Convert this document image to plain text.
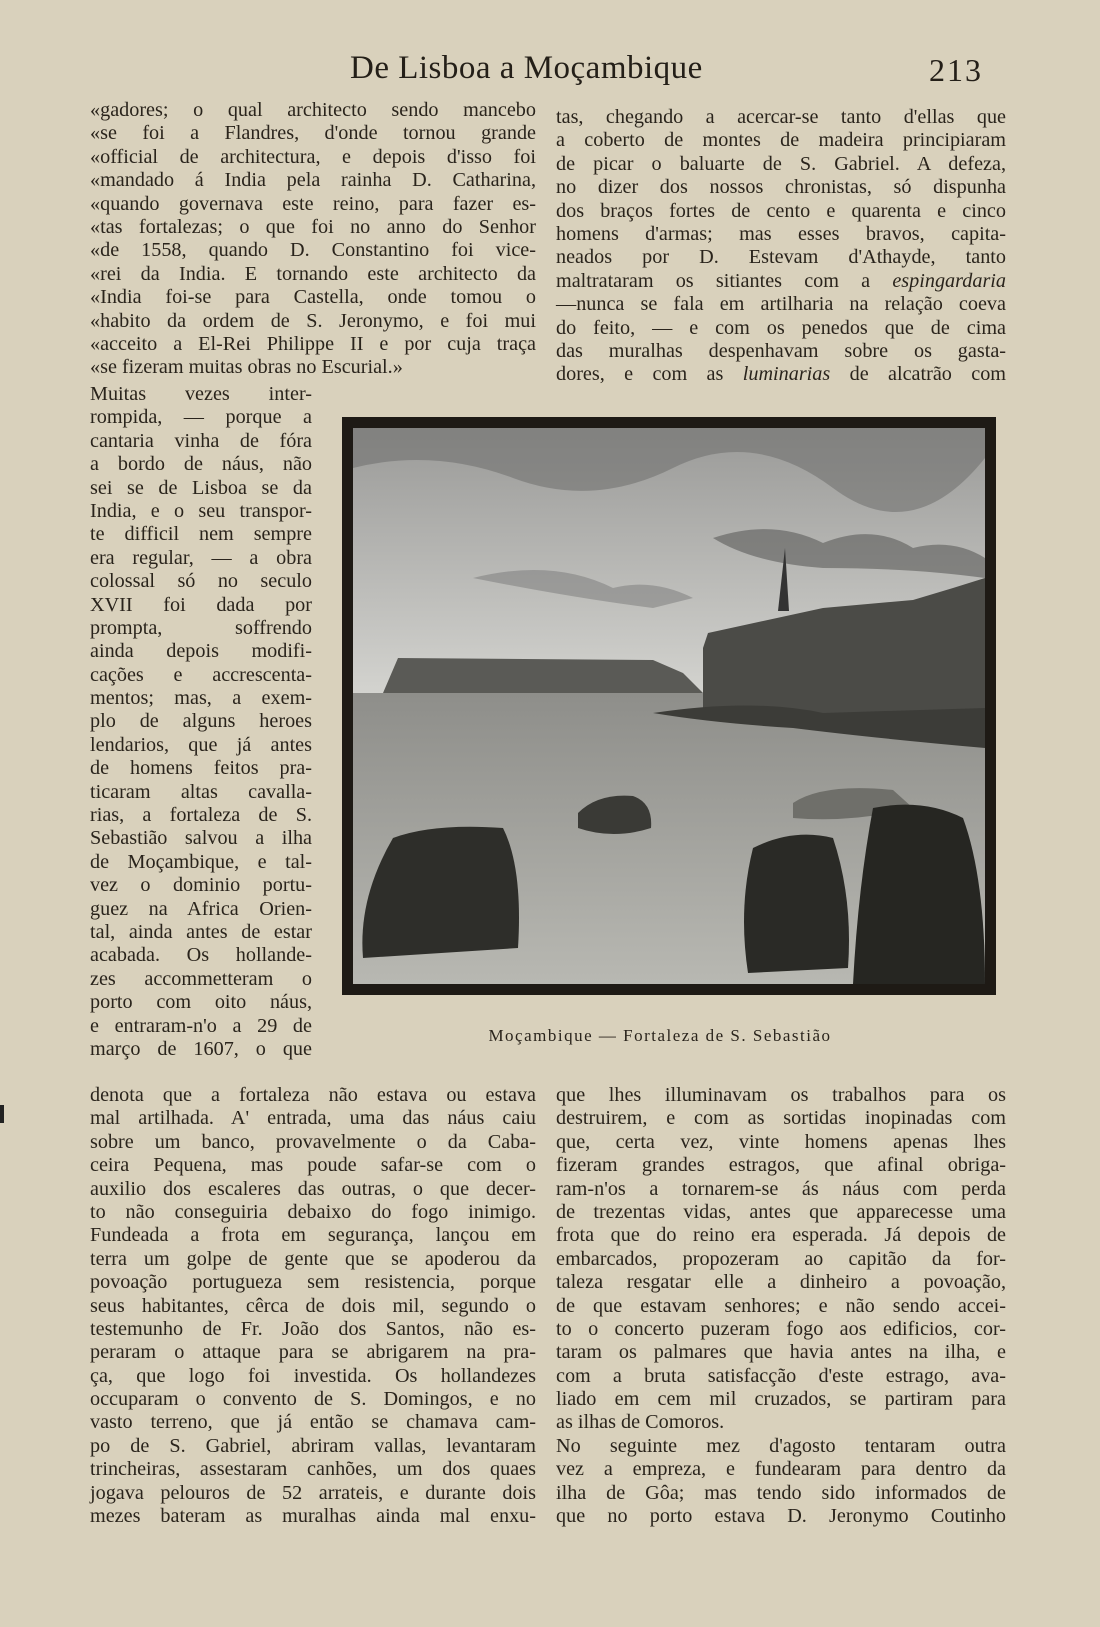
De Lisboa a Moçambique	213
«gadores; o qual architecto sendo mancebo
«se foi a Flandres, d'onde tornou grande
«official de architectura, e depois d'isso foi
«mandado á India pela rainha D. Catharina,
«quando governava este reino, para fazer es-
«tas fortalezas; o que foi no anno do Senhor
«de 1558, quando D. Constantino foi vice-
«rei da India. E tornando este architecto da
«India foi-se para Castella, onde tomou o
«habito da ordem de S. Jeronymo, e foi mui
«acceito a El-Rei Philippe II e por cuja traça
«se fizeram muitas obras no Escurial.»
tas, chegando a acercar-se tanto d'ellas que
a coberto de montes de madeira principiaram
de picar o baluarte de S. Gabriel. A defeza,
no dizer dos nossos chronistas, só dispunha
dos braços fortes de cento e quarenta e cinco
homens d'armas; mas esses bravos, capita-
neados por D. Estevam d'Athayde, tanto
maltrataram os sitiantes com a espingardaria
—nunca se fala em artilharia na relação coeva
do feito, — e com os penedos que de cima
das muralhas despenhavam sobre os gasta-
dores, e com as luminarias de alcatrão com
Muitas vezes inter-
rompida, — porque a
cantaria vinha de fóra
a bordo de náus, não
sei se de Lisboa se da
India, e o seu transpor-
te difficil nem sempre
era regular, — a obra
colossal só no seculo
XVII foi dada por
prompta, soffrendo
ainda depois modifi-
cações e accrescenta-
mentos; mas, a exem-
plo de alguns heroes
lendarios, que já antes
de homens feitos pra-
ticaram altas cavalla-
rias, a fortaleza de S.
Sebastião salvou a ilha
de Moçambique, e tal-
vez o dominio portu-
guez na Africa Orien-
tal, ainda antes de estar
acabada. Os hollande-
zes accommetteram o
porto com oito náus,
e entraram-n'o a 29 de
março de 1607, o que
denota que a fortaleza não estava ou estava
mal artilhada. A' entrada, uma das náus caiu
sobre um banco, provavelmente o da Caba-
ceira Pequena, mas poude safar-se com o
auxilio dos escaleres das outras, o que decer-
to não conseguiria debaixo do fogo inimigo.
Fundeada a frota em segurança, lançou em
terra um golpe de gente que se apoderou da
povoação portugueza sem resistencia, porque
seus habitantes, cêrca de dois mil, segundo o
testemunho de Fr. João dos Santos, não es-
peraram o attaque para se abrigarem na pra-
ça, que logo foi investida. Os hollandezes
occuparam o convento de S. Domingos, e no
vasto terreno, que já então se chamava cam-
po de S. Gabriel, abriram vallas, levantaram
trincheiras, assestaram canhões, um dos quaes
jogava pelouros de 52 arrateis, e durante dois
mezes bateram as muralhas ainda mal enxu-
que lhes illuminavam os trabalhos para os
destruirem, e com as sortidas inopinadas com
que, certa vez, vinte homens apenas lhes
fizeram grandes estragos, que afinal obriga-
ram-n'os a tornarem-se ás náus com perda
de trezentas vidas, antes que apparecesse uma
frota que do reino era esperada. Já depois de
embarcados, propozeram ao capitão da for-
taleza resgatar elle a dinheiro a povoação,
de que estavam senhores; e não sendo accei-
to o concerto puzeram fogo aos edificios, cor-
taram os palmares que havia antes na ilha, e
com a bruta satisfacção d'este estrago, ava-
liado em cem mil cruzados, se partiram para
as ilhas de Comoros.
No seguinte mez d'agosto tentaram outra
vez a empreza, e fundearam para dentro da
ilha de Gôa; mas tendo sido informados de
que no porto estava D. Jeronymo Coutinho
Moçambique — Fortaleza de S. Sebastião
